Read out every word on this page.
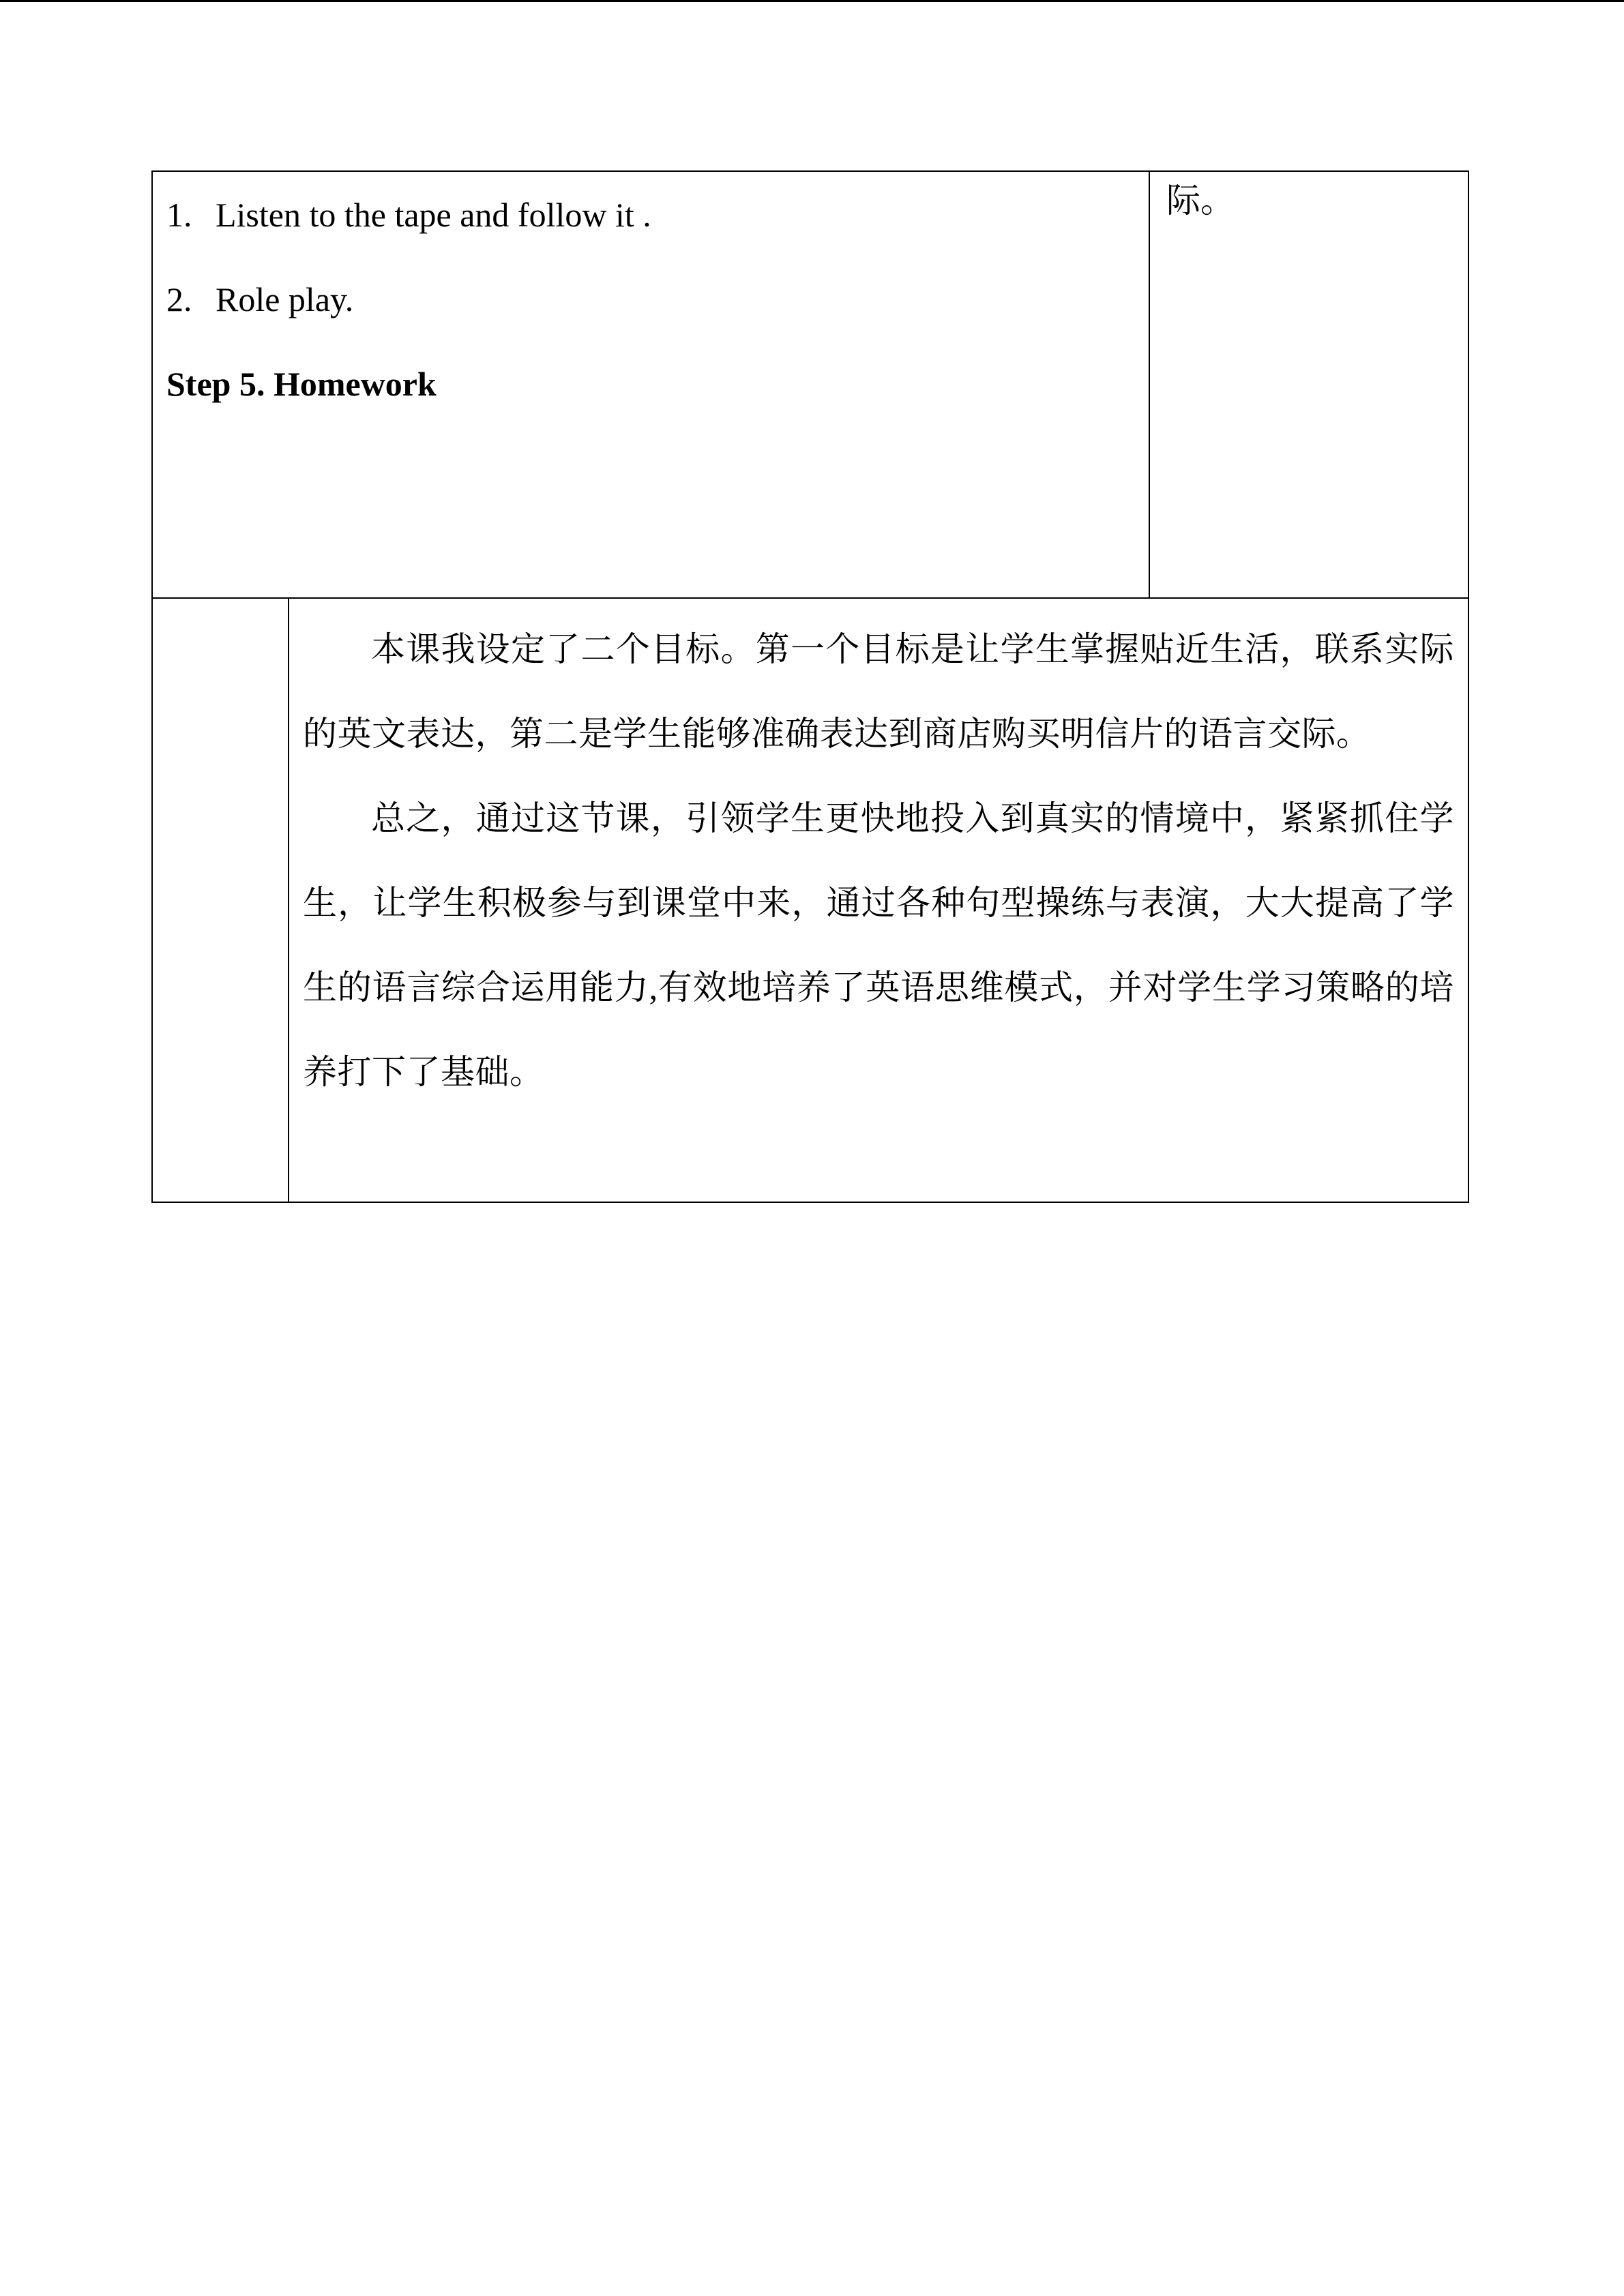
1. Listen to the tape and follow it .

2. Role play.

Step 5. Homework		际。

	本课我设定了二个目标。第一个目标是让学生掌握贴近生活，联系实际的英文表达，第二是学生能够准确表达到商店购买明信片的语言交际。

总之，通过这节课，引领学生更快地投入到真实的情境中，紧紧抓住学生，让学生积极参与到课堂中来，通过各种句型操练与表演，大大提高了学生的语言综合运用能力,有效地培养了英语思维模式，并对学生学习策略的培养打下了基础。	
